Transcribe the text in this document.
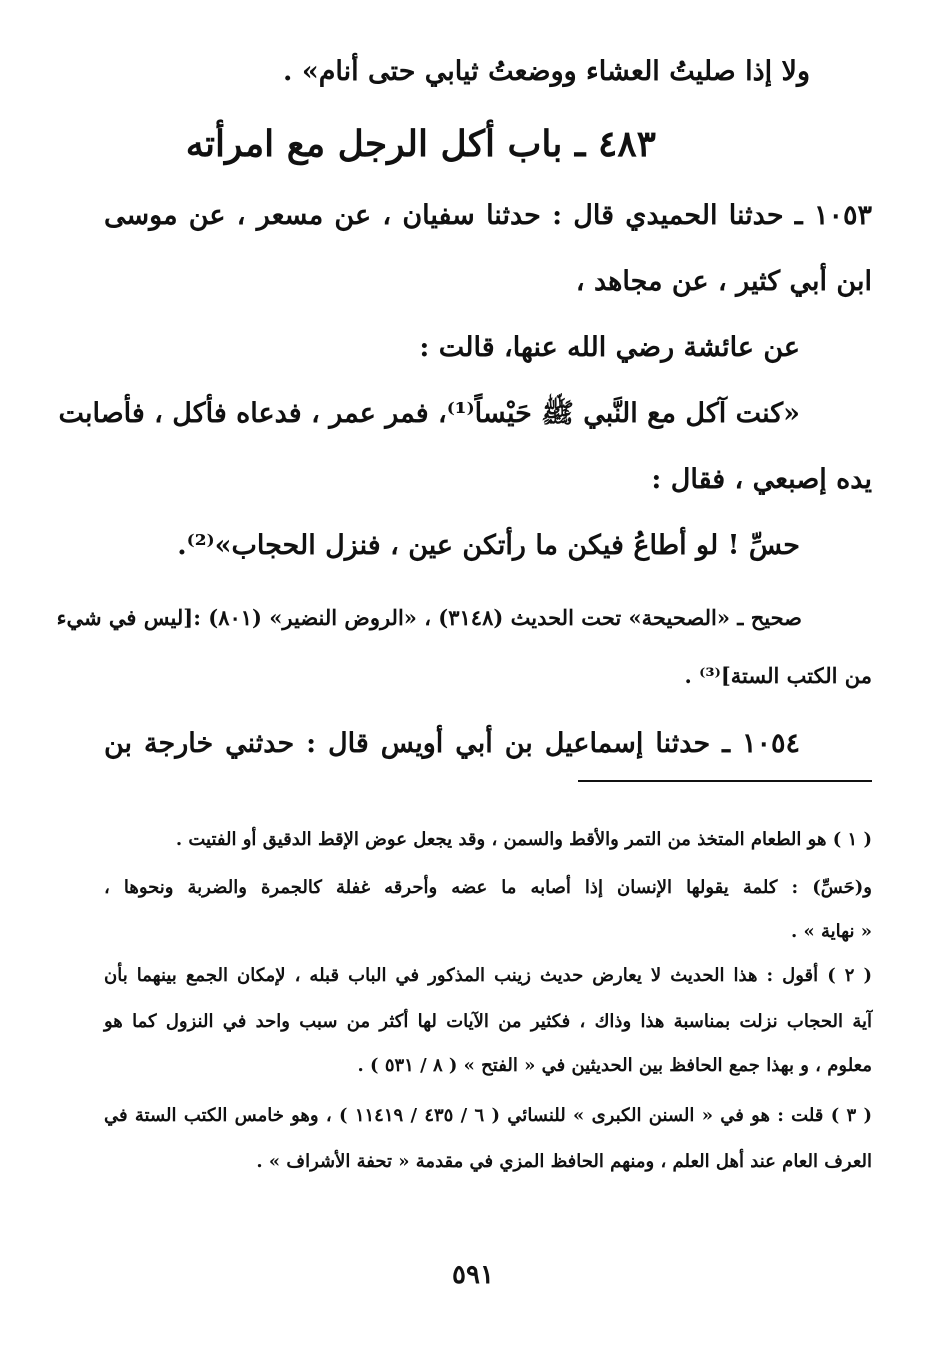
ولا إذا صليتُ العشاء ووضعتُ ثيابي حتى أنام» .
٤٨٣ ـ باب أكل الرجل مع امرأته
١٠٥٣ ـ حدثنا الحميدي قال : حدثنا سفيان ، عن مسعر ، عن موسى
ابن أبي كثير ، عن مجاهد ،
عن عائشة رضي الله عنها، قالت :
«كنت آكل مع النَّبي ﷺ حَيْساً⁽¹⁾، فمر عمر ، فدعاه فأكل ، فأصابت
يده إصبعي ، فقال :
حسِّ ! لو أطاعُ فيكن ما رأتكن عين ، فنزل الحجاب»⁽²⁾.
صحيح ـ «الصحيحة» تحت الحديث (٣١٤٨) ، «الروض النضير» (٨٠١) :[ليس في شيء
من الكتب الستة]⁽³⁾ .
١٠٥٤ ـ حدثنا إسماعيل بن أبي أويس قال : حدثني خارجة بن
( ١ ) هو الطعام المتخذ من التمر والأقط والسمن ، وقد يجعل عوض الإقط الدقيق أو الفتيت .
و(حَسِّ) : كلمة يقولها الإنسان إذا أصابه ما عضه وأحرقه غفلة كالجمرة والضربة ونحوها ،
« نهاية » .
( ٢ ) أقول : هذا الحديث لا يعارض حديث زينب المذكور في الباب قبله ، لإمكان الجمع بينهما بأن
آية الحجاب نزلت بمناسبة هذا وذاك ، فكثير من الآيات لها أكثر من سبب واحد في النزول كما هو
معلوم ، و بهذا جمع الحافظ بين الحديثين في « الفتح » ( ٨ / ٥٣١ ) .
( ٣ ) قلت : هو في « السنن الكبرى » للنسائي ( ٦ / ٤٣٥ / ١١٤١٩ ) ، وهو خامس الكتب الستة في
العرف العام عند أهل العلم ، ومنهم الحافظ المزي في مقدمة « تحفة الأشراف » .
٥٩١
